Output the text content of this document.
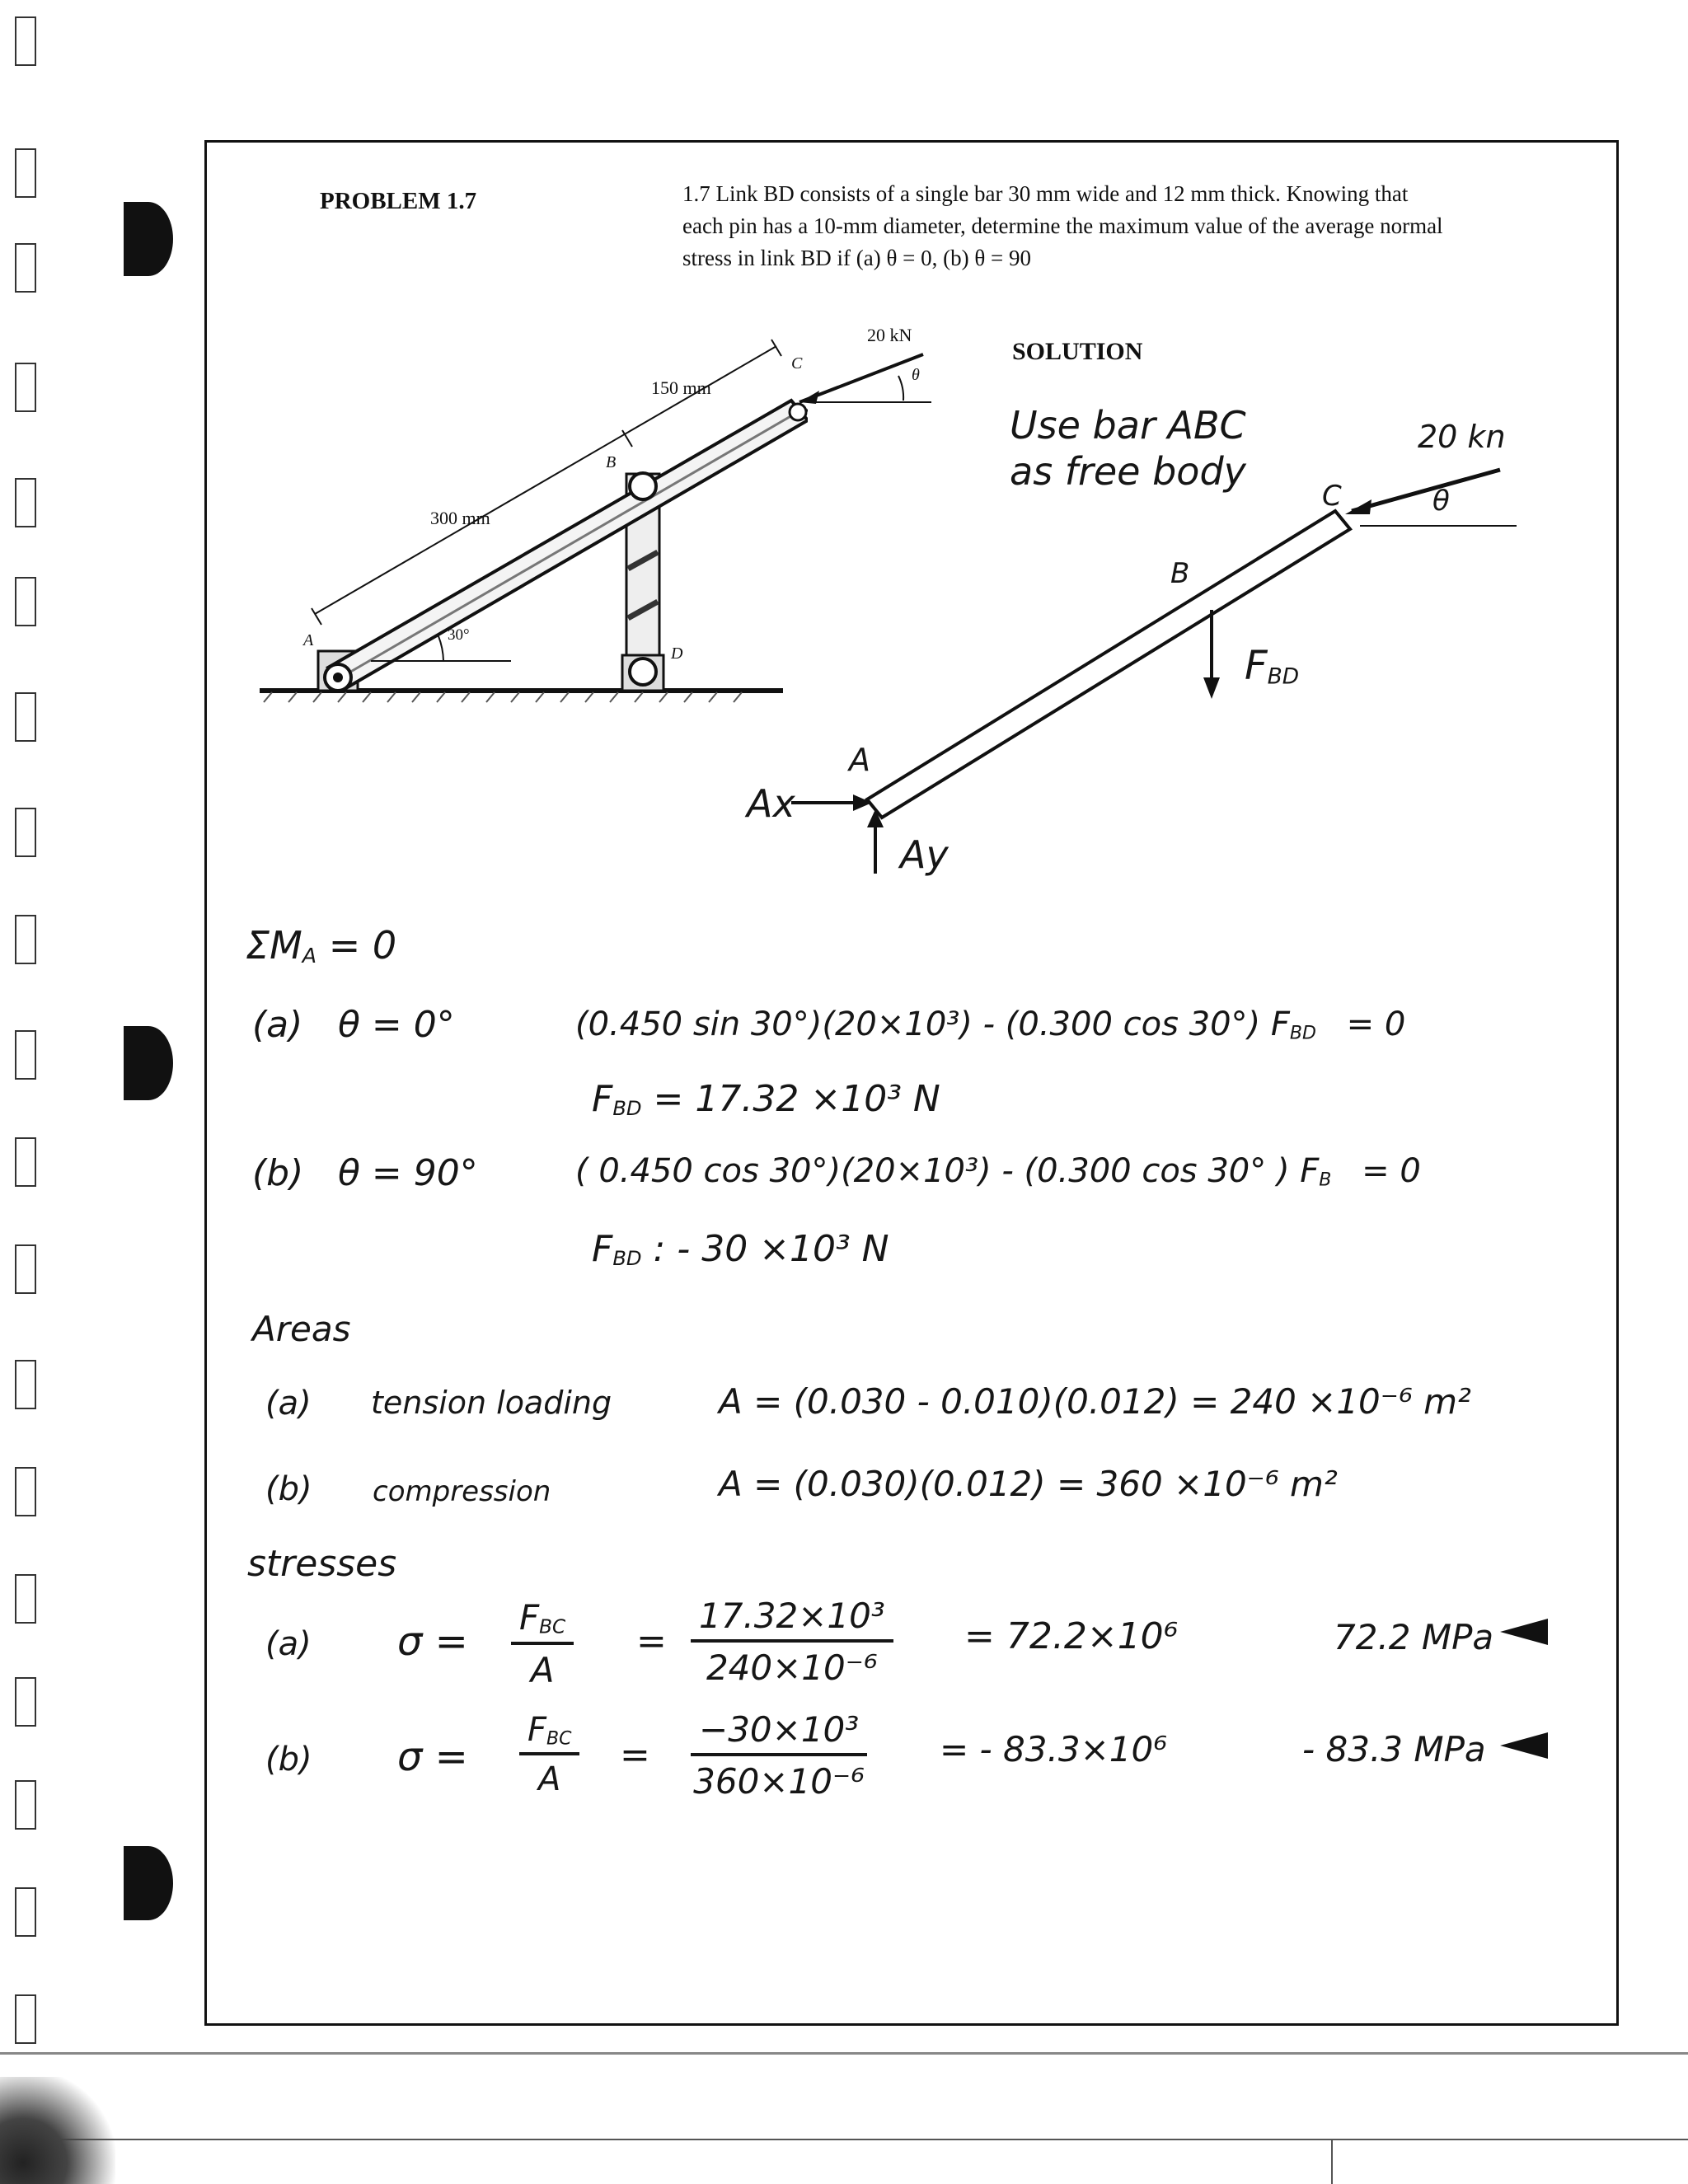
PROBLEM 1.7	1.7 Link BD consists of a single bar 30 mm wide and 12 mm thick. Knowing that
each pin has a 10-mm diameter, determine the maximum value of the average normal
stress in link BD if (a) θ = 0, (b) θ = 90
20 kN
150 mm
300 mm
30°
θ
A
B
C
D
SOLUTION
Use bar ABC
as free body
20 kn
θ
C
B
A
$F_{BD}$
Ax
Ay
ΣMA = 0
(a) θ = 0°	(0.450 sin 30°)(20×10³) - (0.300 cos 30°) $F_{BD} = 0$
$F_{BD} = 17.32 \times 10^3$ N
(b) θ = 90°	( 0.450 cos 30°)(20×10³) - (0.300 cos 30° ) $F_B = 0$
$F_{BD}$ : - 30 ×10³ N
Areas
(a) tension loading	A = (0.030 - 0.010)(0.012) = 240 ×10⁻⁶ m²
(b) compression	A = (0.030)(0.012) = 360 ×10⁻⁶ m²
stresses
(a) σ =
$F_{BC}$
A
= $\frac{\text{17.32×10³}}{\text{240×10⁻⁶}} = 72.2\times 10^6$	72.2 MPa
(b) σ =
$F_{BC}$
A
= $\frac{\text{−30×10³}}{\text{360×10⁻⁶}}$ = - 83.3×10⁶	- 83.3 MPa
